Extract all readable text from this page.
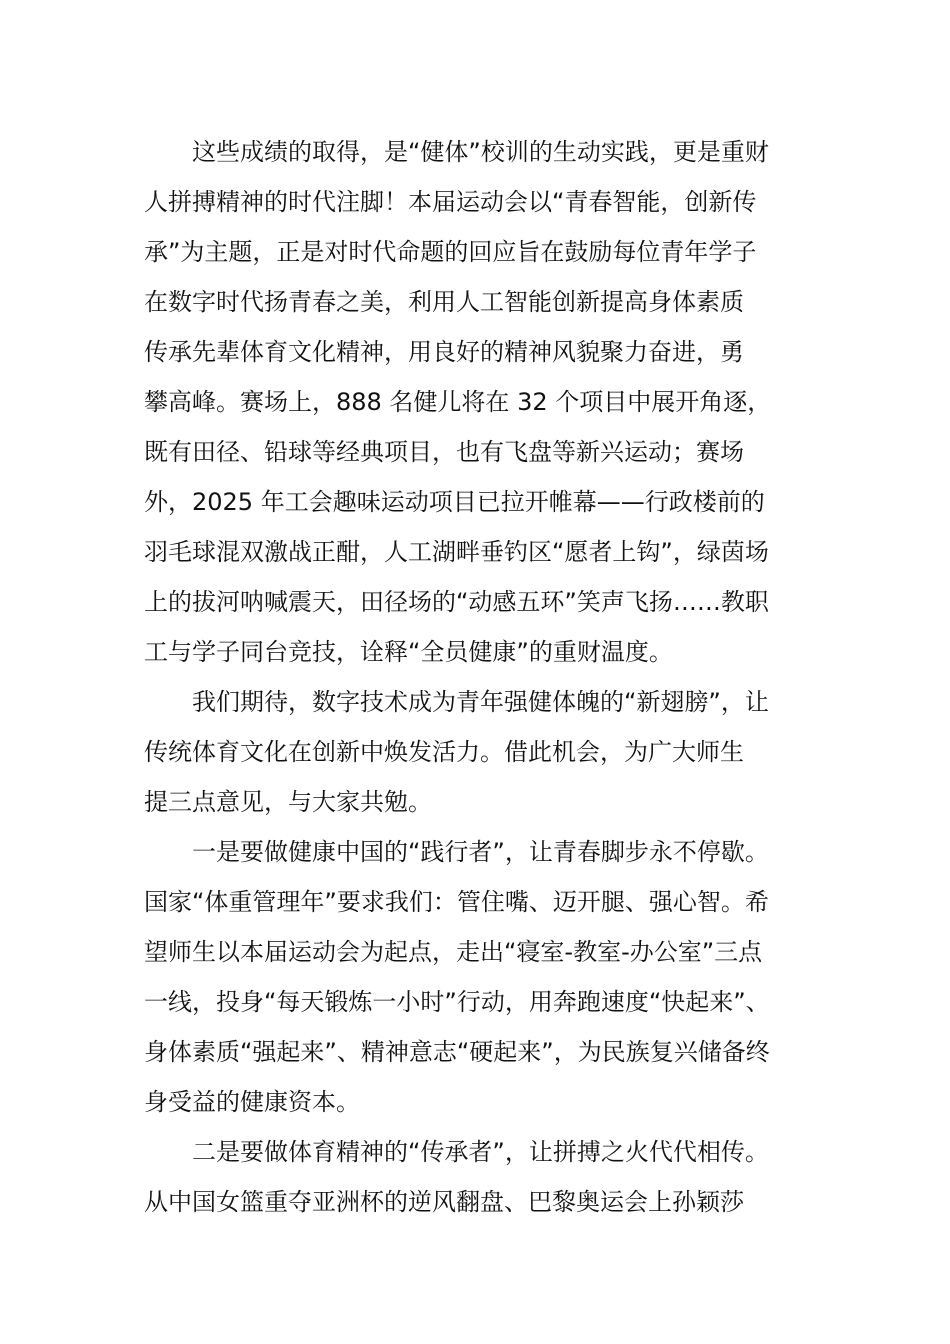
这些成绩的取得，是“健体”校训的生动实践，更是重财
人拼搏精神的时代注脚！本届运动会以“青春智能，创新传
承”为主题，正是对时代命题的回应旨在鼓励每位青年学子
在数字时代扬青春之美，利用人工智能创新提高身体素质
传承先辈体育文化精神，用良好的精神风貌聚力奋进，勇
攀高峰。赛场上，888 名健儿将在 32 个项目中展开角逐，
既有田径、铅球等经典项目，也有飞盘等新兴运动；赛场
外，2025 年工会趣味运动项目已拉开帷幕——行政楼前的
羽毛球混双激战正酣，人工湖畔垂钓区“愿者上钩”，绿茵场
上的拔河呐喊震天，田径场的“动感五环”笑声飞扬……教职
工与学子同台竞技，诠释“全员健康”的重财温度。

我们期待，数字技术成为青年强健体魄的“新翅膀”，让
传统体育文化在创新中焕发活力。借此机会，为广大师生
提三点意见，与大家共勉。

一是要做健康中国的“践行者”，让青春脚步永不停歇。
国家“体重管理年”要求我们：管住嘴、迈开腿、强心智。希
望师生以本届运动会为起点，走出“寝室-教室-办公室”三点
一线，投身“每天锻炼一小时”行动，用奔跑速度“快起来”、
身体素质“强起来”、精神意志“硬起来”，为民族复兴储备终
身受益的健康资本。

二是要做体育精神的“传承者”，让拼搏之火代代相传。
从中国女篮重夺亚洲杯的逆风翻盘、巴黎奥运会上孙颖莎
